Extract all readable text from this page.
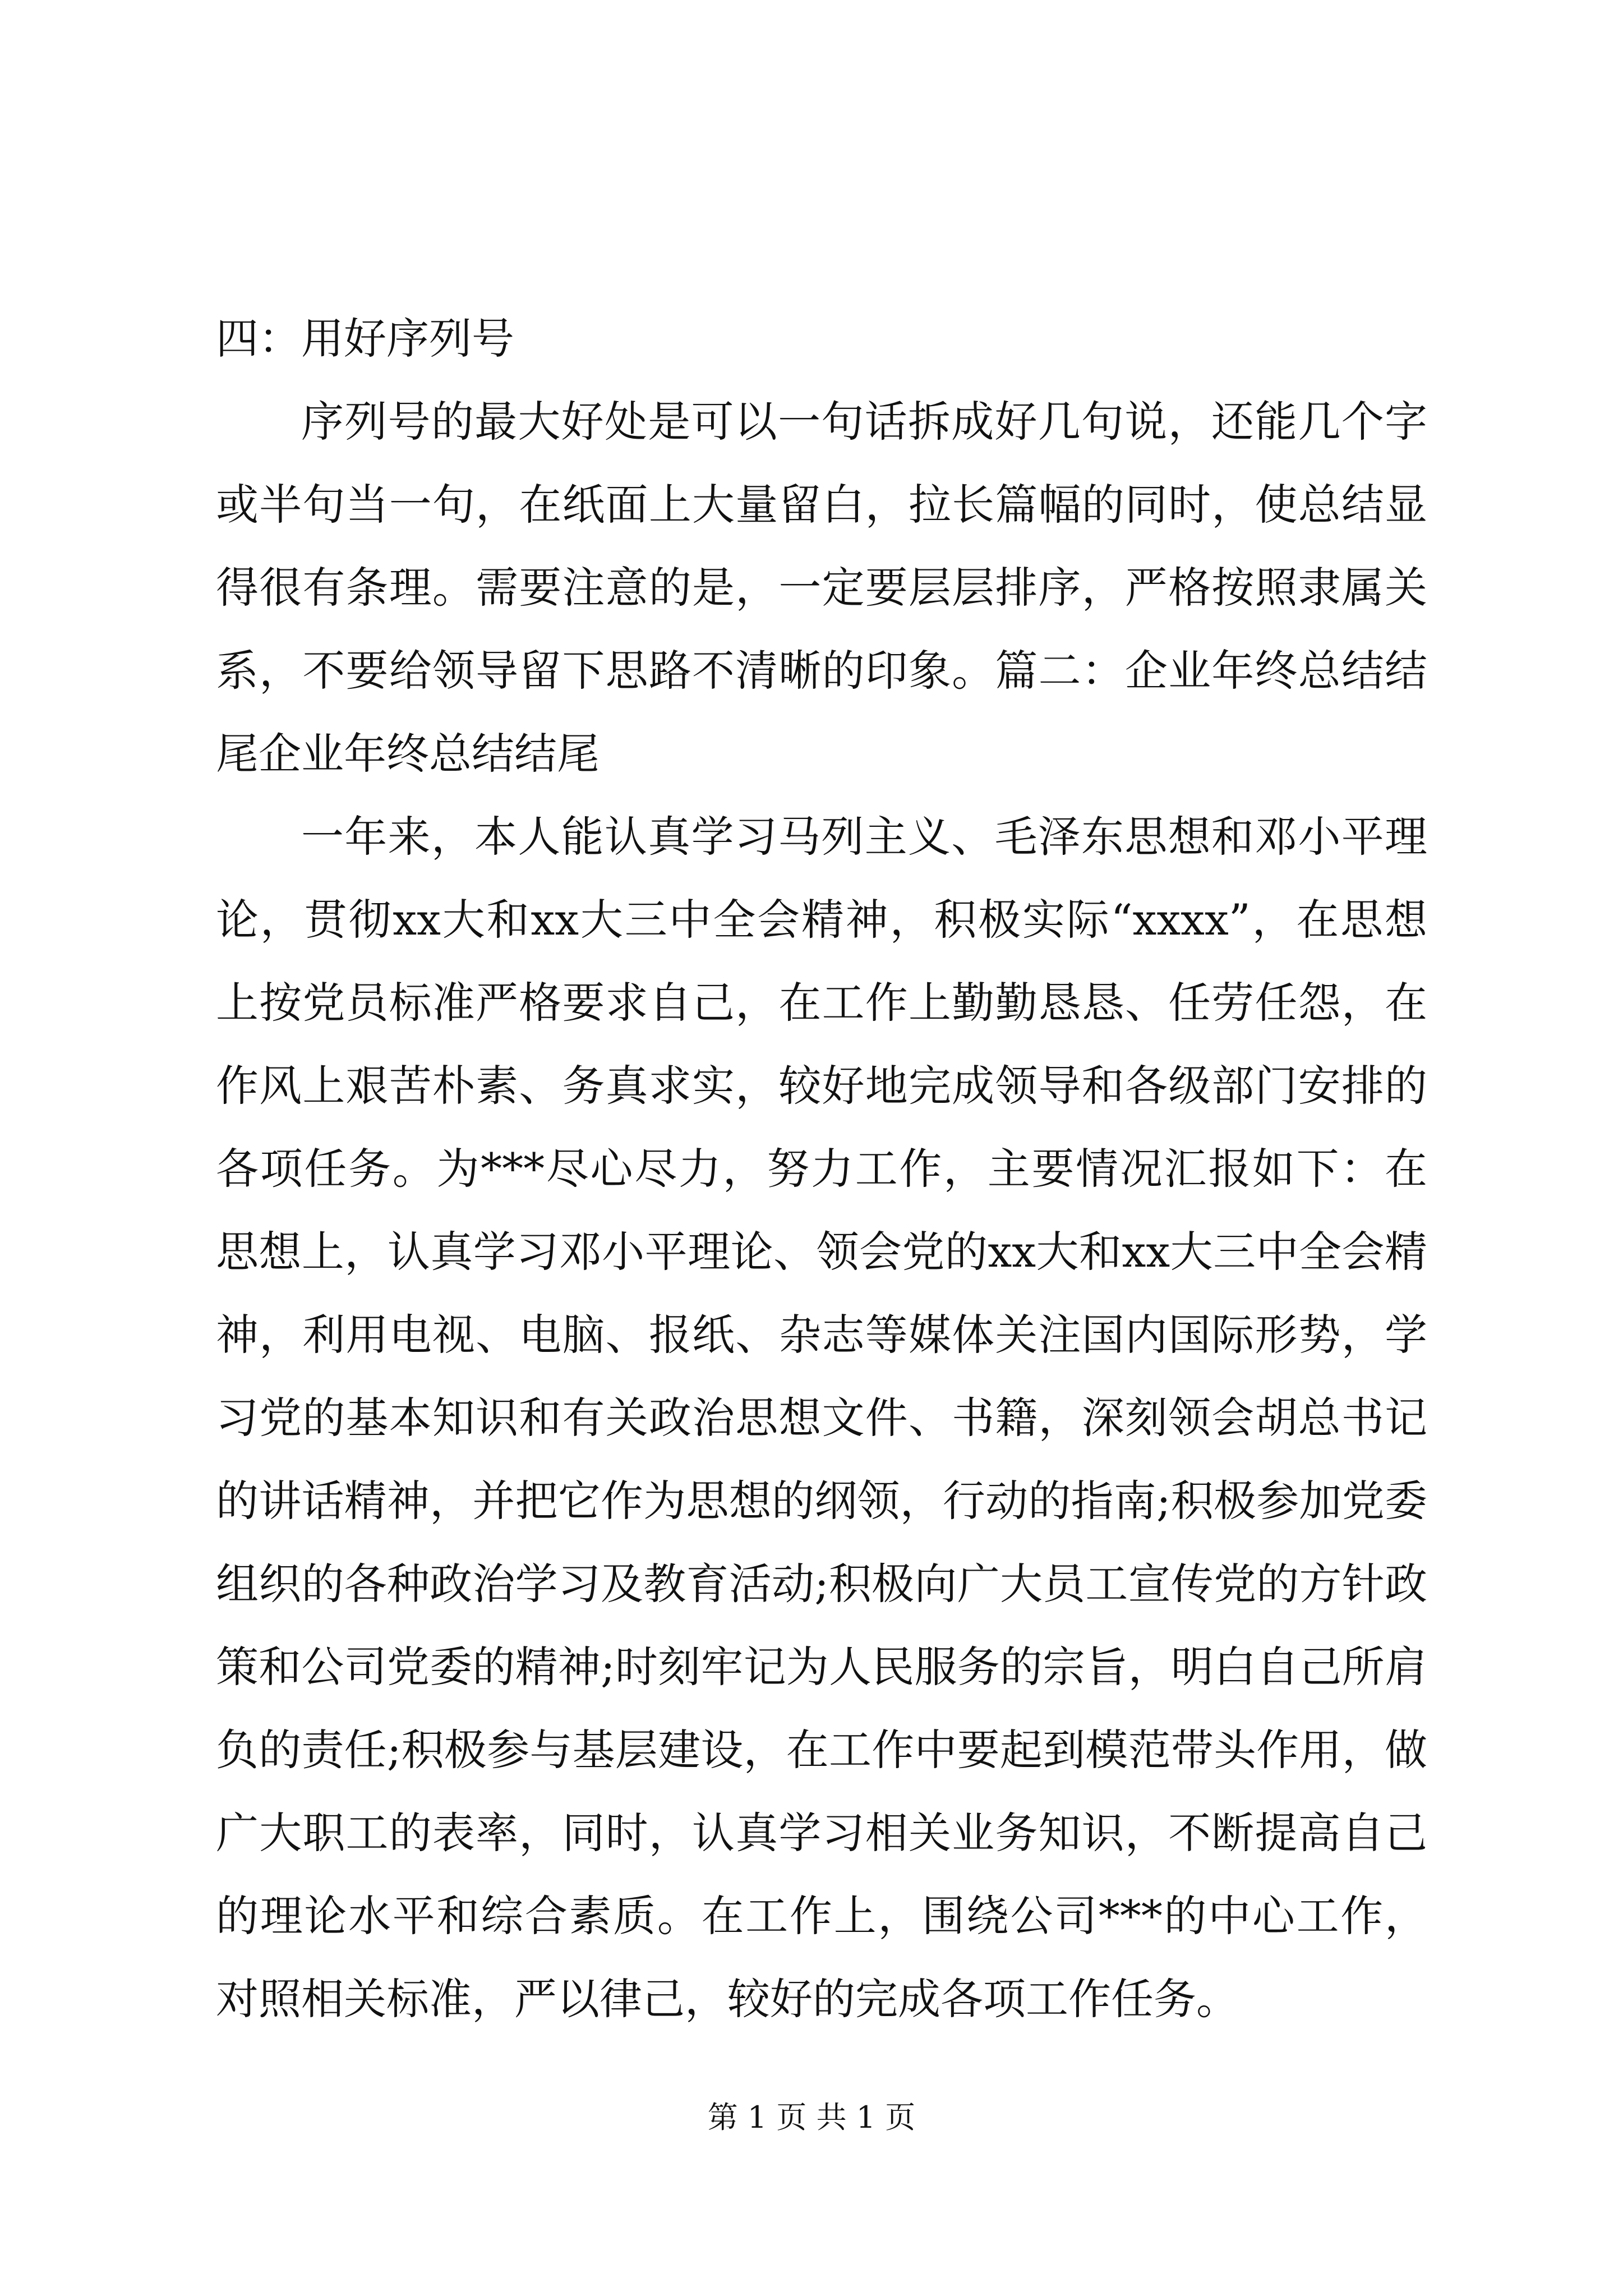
四：用好序列号

序列号的最大好处是可以一句话拆成好几句说，还能几个字或半句当一句，在纸面上大量留白，拉长篇幅的同时，使总结显得很有条理。需要注意的是，一定要层层排序，严格按照隶属关系，不要给领导留下思路不清晰的印象。篇二：企业年终总结结尾企业年终总结结尾

一年来，本人能认真学习马列主义、毛泽东思想和邓小平理论，贯彻xx大和xx大三中全会精神，积极实际“xxxx”，在思想上按党员标准严格要求自己，在工作上勤勤恳恳、任劳任怨，在作风上艰苦朴素、务真求实，较好地完成领导和各级部门安排的各项任务。为***尽心尽力，努力工作，主要情况汇报如下：在思想上，认真学习邓小平理论、领会党的xx大和xx大三中全会精神，利用电视、电脑、报纸、杂志等媒体关注国内国际形势，学习党的基本知识和有关政治思想文件、书籍，深刻领会胡总书记的讲话精神，并把它作为思想的纲领，行动的指南;积极参加党委组织的各种政治学习及教育活动;积极向广大员工宣传党的方针政策和公司党委的精神;时刻牢记为人民服务的宗旨，明白自己所肩负的责任;积极参与基层建设，在工作中要起到模范带头作用，做广大职工的表率，同时，认真学习相关业务知识，不断提高自己的理论水平和综合素质。在工作上，围绕公司***的中心工作，对照相关标准，严以律己，较好的完成各项工作任务。

第 1 页 共 1 页
